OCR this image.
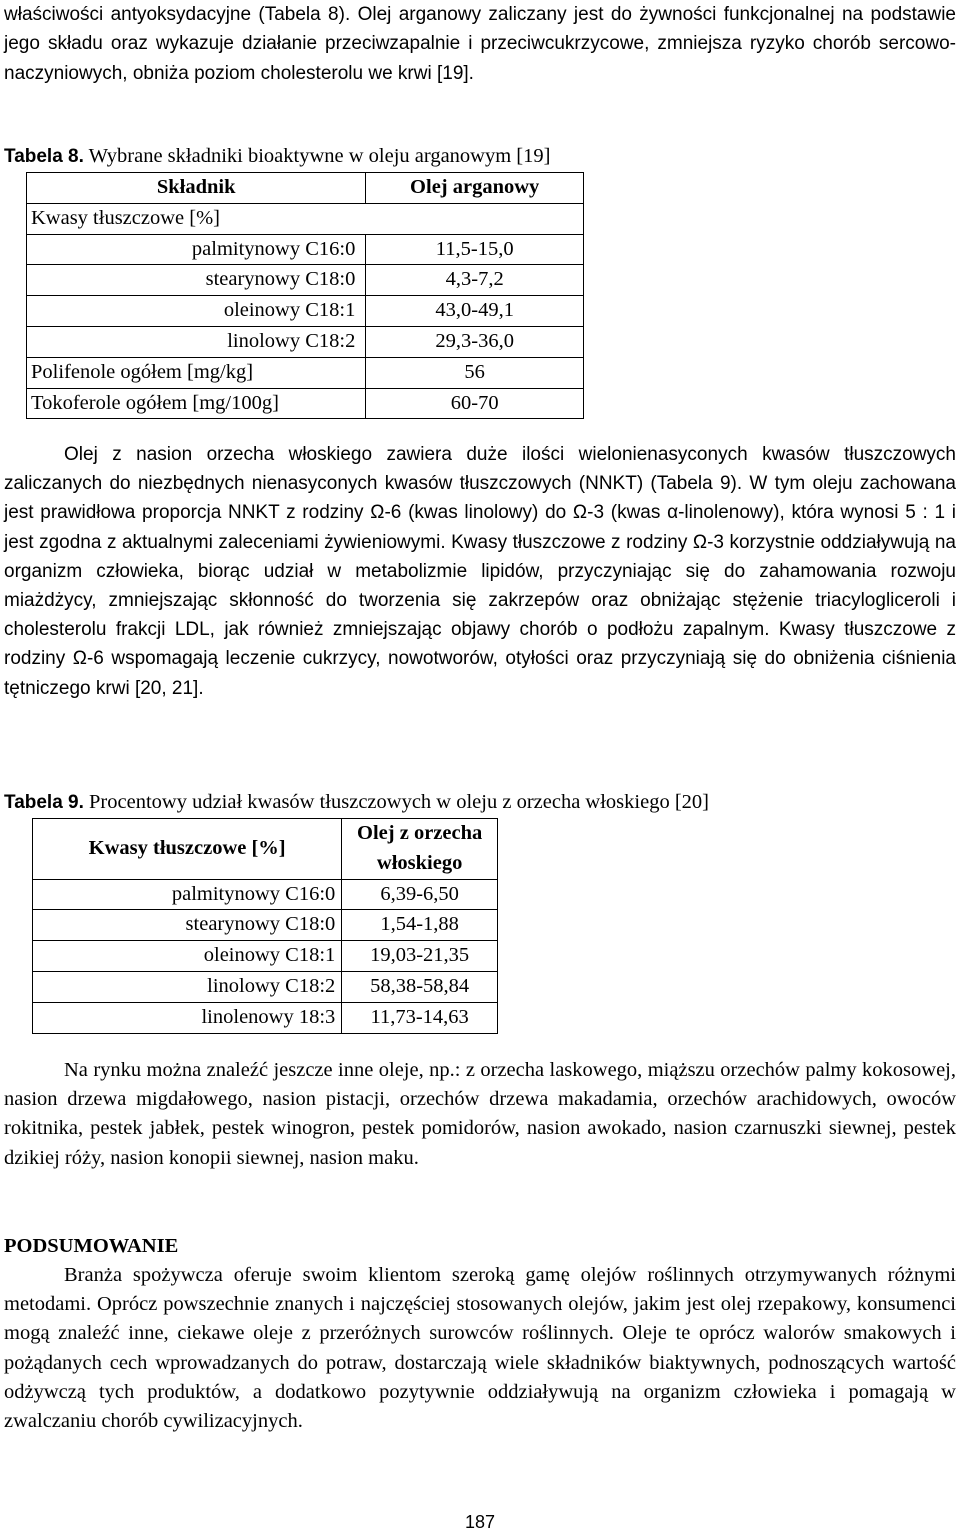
właściwości antyoksydacyjne (Tabela 8). Olej arganowy zaliczany jest do żywności funkcjonalnej na podstawie jego składu oraz wykazuje działanie przeciwzapalnie i przeciwcukrzycowe, zmniejsza ryzyko chorób sercowo-naczyniowych, obniża poziom cholesterolu we krwi [19].

Tabela 8. Wybrane składniki bioaktywne w oleju arganowym [19]
Składnik	Olej arganowy
Kwasy tłuszczowe [%]	
palmitynowy C16:0	11,5-15,0
stearynowy C18:0	4,3-7,2
oleinowy C18:1	43,0-49,1
linolowy C18:2	29,3-36,0
Polifenole ogółem [mg/kg]	56
Tokoferole ogółem [mg/100g]	60-70

Olej z nasion orzecha włoskiego zawiera duże ilości wielonienasyconych kwasów tłuszczowych zaliczanych do niezbędnych nienasyconych kwasów tłuszczowych (NNKT) (Tabela 9). W tym oleju zachowana jest prawidłowa proporcja NNKT z rodziny Ω-6 (kwas linolowy) do Ω-3 (kwas α-linolenowy), która wynosi 5 : 1 i jest zgodna z aktualnymi zaleceniami żywieniowymi. Kwasy tłuszczowe z rodziny Ω-3 korzystnie oddziaływują na organizm człowieka, biorąc udział w metabolizmie lipidów, przyczyniając się do zahamowania rozwoju miażdżycy, zmniejszając skłonność do tworzenia się zakrzepów oraz obniżając stężenie triacylogliceroli i cholesterolu frakcji LDL, jak również zmniejszając objawy chorób o podłożu zapalnym. Kwasy tłuszczowe z rodziny Ω-6 wspomagają leczenie cukrzycy, nowotworów, otyłości oraz przyczyniają się do obniżenia ciśnienia tętniczego krwi [20, 21].

Tabela 9. Procentowy udział kwasów tłuszczowych w oleju z orzecha włoskiego [20]
Kwasy tłuszczowe [%]	Olej z orzecha włoskiego
palmitynowy C16:0	6,39-6,50
stearynowy C18:0	1,54-1,88
oleinowy C18:1	19,03-21,35
linolowy C18:2	58,38-58,84
linolenowy 18:3	11,73-14,63

Na rynku można znaleźć jeszcze inne oleje, np.: z orzecha laskowego, miąższu orzechów palmy kokosowej, nasion drzewa migdałowego, nasion pistacji, orzechów drzewa makadamia, orzechów arachidowych, owoców rokitnika, pestek jabłek, pestek winogron, pestek pomidorów, nasion awokado, nasion czarnuszki siewnej, pestek dzikiej róży, nasion konopii siewnej, nasion maku.

PODSUMOWANIE

Branża spożywcza oferuje swoim klientom szeroką gamę olejów roślinnych otrzymywanych różnymi metodami. Oprócz powszechnie znanych i najczęściej stosowanych olejów, jakim jest olej rzepakowy, konsumenci mogą znaleźć inne, ciekawe oleje z przeróżnych surowców roślinnych. Oleje te oprócz walorów smakowych i pożądanych cech wprowadzanych do potraw, dostarczają wiele składników biaktywnych, podnoszących wartość odżywczą tych produktów, a dodatkowo pozytywnie oddziaływują na organizm człowieka i pomagają w zwalczaniu chorób cywilizacyjnych.

187
